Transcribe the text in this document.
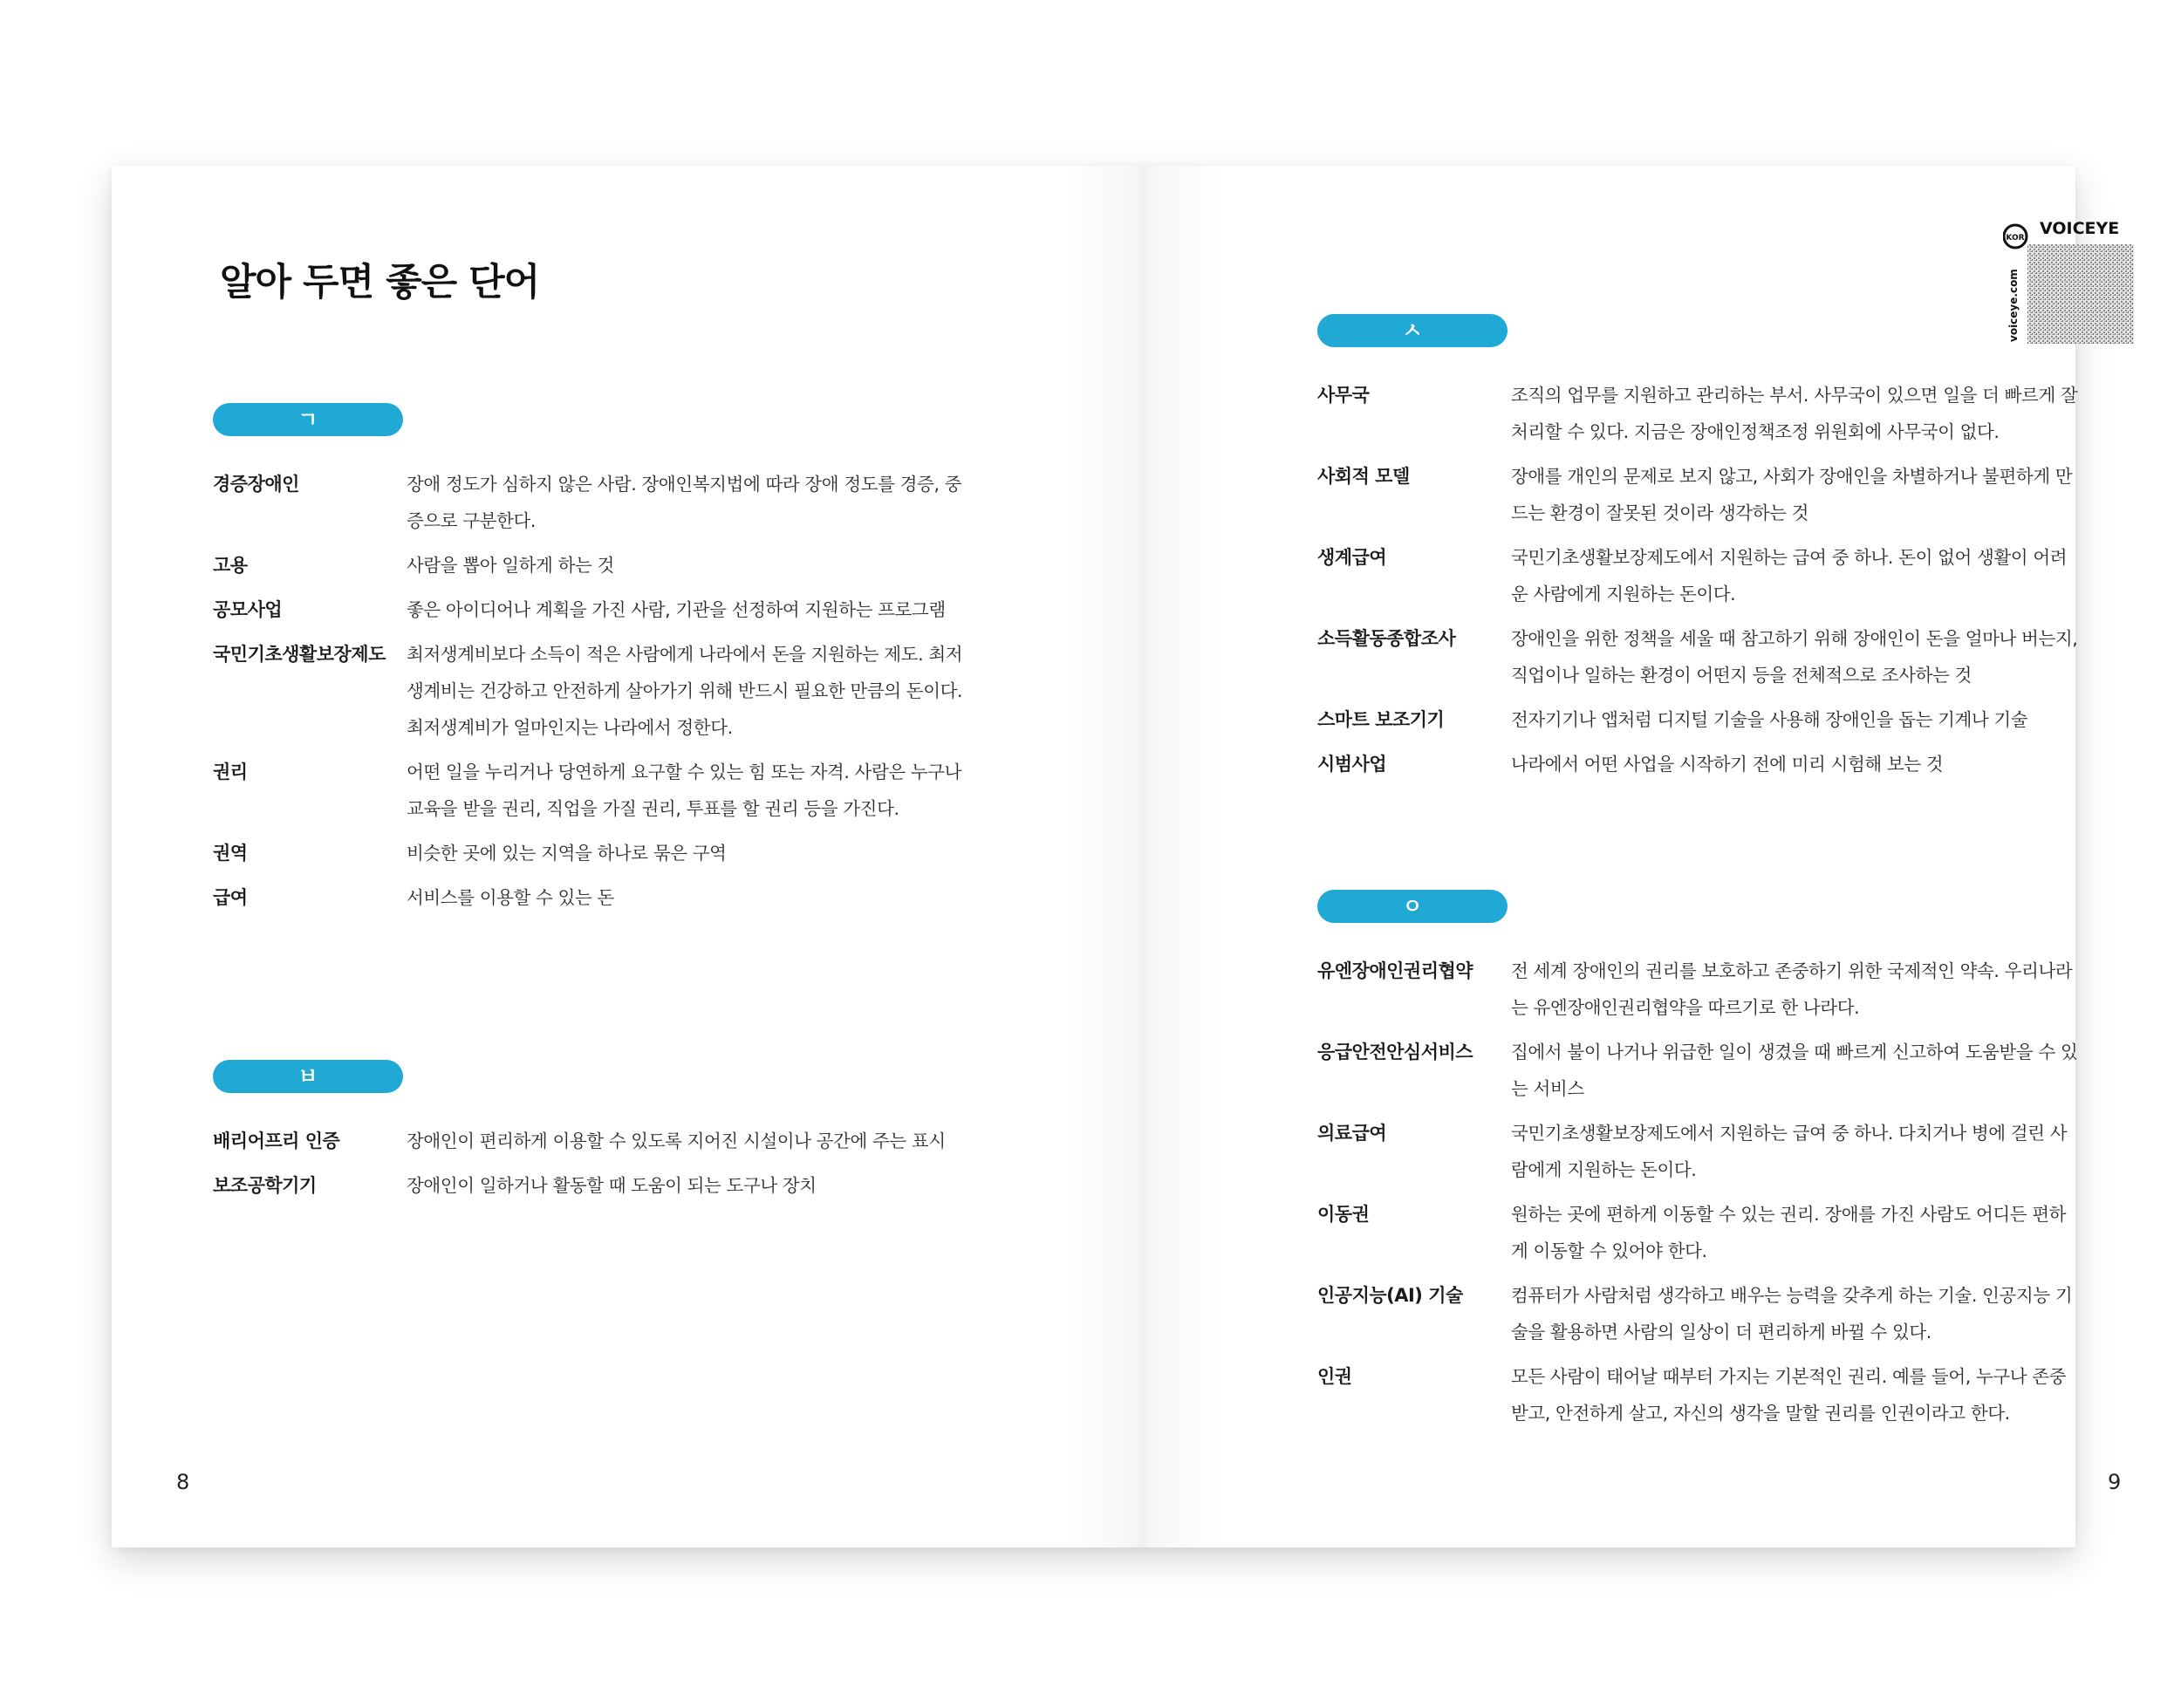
알아 두면 좋은 단어
ㄱ
경증장애인	장애 정도가 심하지 않은 사람. 장애인복지법에 따라 장애 정도를 경증, 중증으로 구분한다.
고용	사람을 뽑아 일하게 하는 것
공모사업	좋은 아이디어나 계획을 가진 사람, 기관을 선정하여 지원하는 프로그램
국민기초생활보장제도	최저생계비보다 소득이 적은 사람에게 나라에서 돈을 지원하는 제도. 최저생계비는 건강하고 안전하게 살아가기 위해 반드시 필요한 만큼의 돈이다. 최저생계비가 얼마인지는 나라에서 정한다.
권리	어떤 일을 누리거나 당연하게 요구할 수 있는 힘 또는 자격. 사람은 누구나 교육을 받을 권리, 직업을 가질 권리, 투표를 할 권리 등을 가진다.
권역	비슷한 곳에 있는 지역을 하나로 묶은 구역
급여	서비스를 이용할 수 있는 돈
ㅂ
배리어프리 인증	장애인이 편리하게 이용할 수 있도록 지어진 시설이나 공간에 주는 표시
보조공학기기	장애인이 일하거나 활동할 때 도움이 되는 도구나 장치
8
KOR VOICEYE
voiceye.com
ㅅ
사무국	조직의 업무를 지원하고 관리하는 부서. 사무국이 있으면 일을 더 빠르게 잘 처리할 수 있다. 지금은 장애인정책조정 위원회에 사무국이 없다.
사회적 모델	장애를 개인의 문제로 보지 않고, 사회가 장애인을 차별하거나 불편하게 만드는 환경이 잘못된 것이라 생각하는 것
생계급여	국민기초생활보장제도에서 지원하는 급여 중 하나. 돈이 없어 생활이 어려운 사람에게 지원하는 돈이다.
소득활동종합조사	장애인을 위한 정책을 세울 때 참고하기 위해 장애인이 돈을 얼마나 버는지, 직업이나 일하는 환경이 어떤지 등을 전체적으로 조사하는 것
스마트 보조기기	전자기기나 앱처럼 디지털 기술을 사용해 장애인을 돕는 기계나 기술
시범사업	나라에서 어떤 사업을 시작하기 전에 미리 시험해 보는 것
ㅇ
유엔장애인권리협약	전 세계 장애인의 권리를 보호하고 존중하기 위한 국제적인 약속. 우리나라는 유엔장애인권리협약을 따르기로 한 나라다.
응급안전안심서비스	집에서 불이 나거나 위급한 일이 생겼을 때 빠르게 신고하여 도움받을 수 있는 서비스
의료급여	국민기초생활보장제도에서 지원하는 급여 중 하나. 다치거나 병에 걸린 사람에게 지원하는 돈이다.
이동권	원하는 곳에 편하게 이동할 수 있는 권리. 장애를 가진 사람도 어디든 편하게 이동할 수 있어야 한다.
인공지능(AI) 기술	컴퓨터가 사람처럼 생각하고 배우는 능력을 갖추게 하는 기술. 인공지능 기술을 활용하면 사람의 일상이 더 편리하게 바뀔 수 있다.
인권	모든 사람이 태어날 때부터 가지는 기본적인 권리. 예를 들어, 누구나 존중받고, 안전하게 살고, 자신의 생각을 말할 권리를 인권이라고 한다.
9
